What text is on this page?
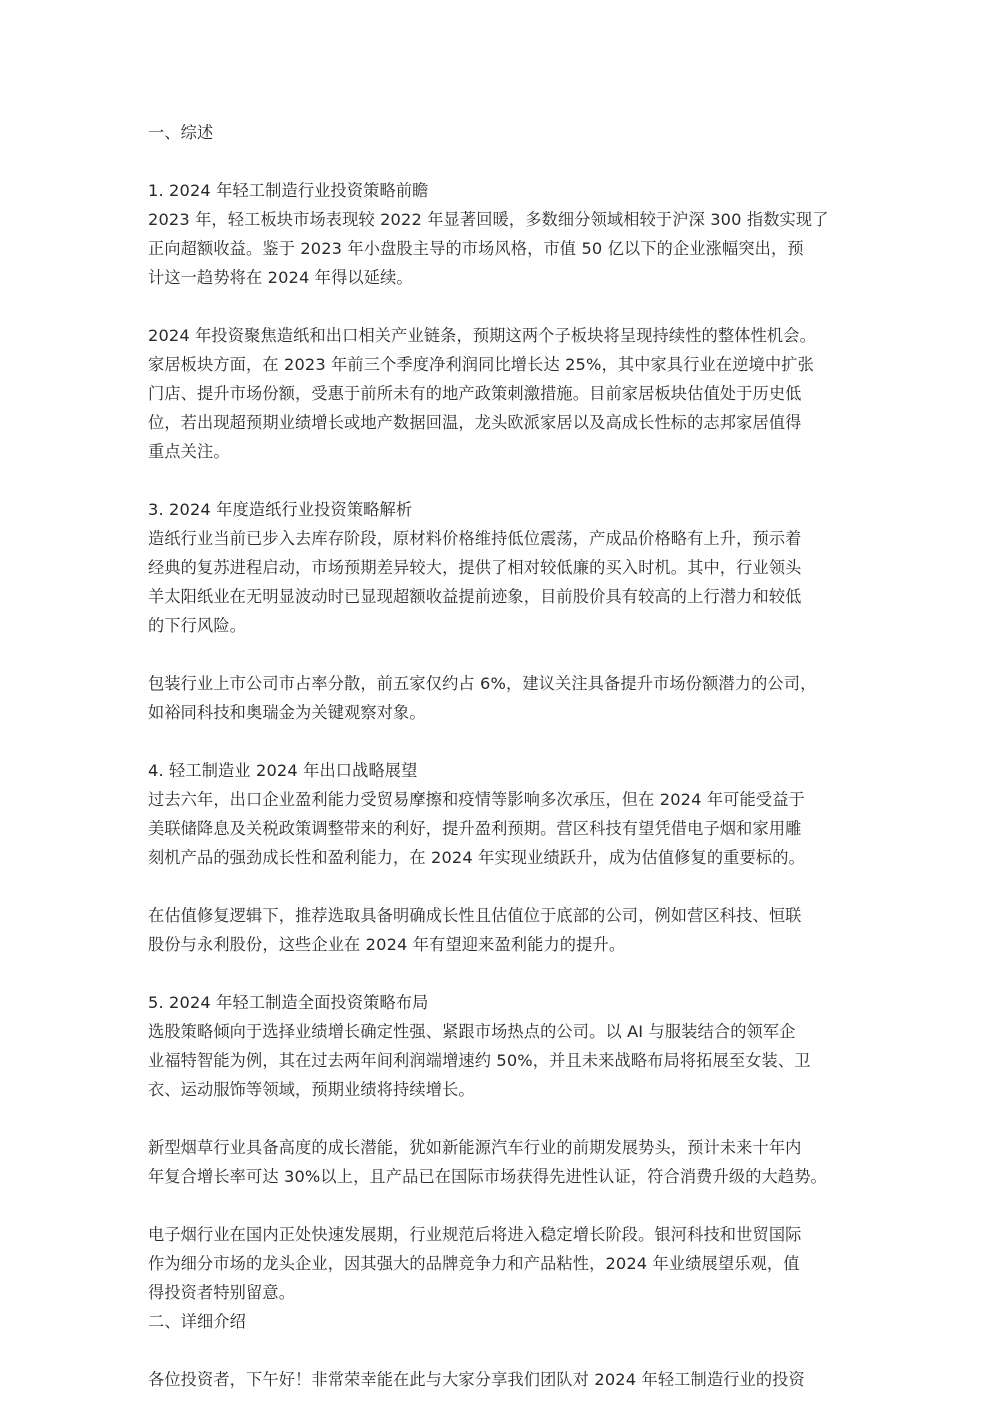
一、综述
1. 2024 年轻工制造行业投资策略前瞻
2023 年，轻工板块市场表现较 2022 年显著回暖，多数细分领域相较于沪深 300 指数实现了
正向超额收益。鉴于 2023 年小盘股主导的市场风格，市值 50 亿以下的企业涨幅突出，预
计这一趋势将在 2024 年得以延续。
2024 年投资聚焦造纸和出口相关产业链条，预期这两个子板块将呈现持续性的整体性机会。
家居板块方面，在 2023 年前三个季度净利润同比增长达 25%，其中家具行业在逆境中扩张
门店、提升市场份额，受惠于前所未有的地产政策刺激措施。目前家居板块估值处于历史低
位，若出现超预期业绩增长或地产数据回温，龙头欧派家居以及高成长性标的志邦家居值得
重点关注。
3. 2024 年度造纸行业投资策略解析
造纸行业当前已步入去库存阶段，原材料价格维持低位震荡，产成品价格略有上升，预示着
经典的复苏进程启动，市场预期差异较大，提供了相对较低廉的买入时机。其中，行业领头
羊太阳纸业在无明显波动时已显现超额收益提前迹象，目前股价具有较高的上行潜力和较低
的下行风险。
包装行业上市公司市占率分散，前五家仅约占 6%，建议关注具备提升市场份额潜力的公司，
如裕同科技和奥瑞金为关键观察对象。
4. 轻工制造业 2024 年出口战略展望
过去六年，出口企业盈利能力受贸易摩擦和疫情等影响多次承压，但在 2024 年可能受益于
美联储降息及关税政策调整带来的利好，提升盈利预期。营区科技有望凭借电子烟和家用雕
刻机产品的强劲成长性和盈利能力，在 2024 年实现业绩跃升，成为估值修复的重要标的。
在估值修复逻辑下，推荐选取具备明确成长性且估值位于底部的公司，例如营区科技、恒联
股份与永利股份，这些企业在 2024 年有望迎来盈利能力的提升。
5. 2024 年轻工制造全面投资策略布局
选股策略倾向于选择业绩增长确定性强、紧跟市场热点的公司。以 AI 与服装结合的领军企
业福特智能为例，其在过去两年间利润端增速约 50%，并且未来战略布局将拓展至女装、卫
衣、运动服饰等领域，预期业绩将持续增长。
新型烟草行业具备高度的成长潜能，犹如新能源汽车行业的前期发展势头，预计未来十年内
年复合增长率可达 30%以上，且产品已在国际市场获得先进性认证，符合消费升级的大趋势。
电子烟行业在国内正处快速发展期，行业规范后将进入稳定增长阶段。银河科技和世贸国际
作为细分市场的龙头企业，因其强大的品牌竞争力和产品粘性，2024 年业绩展望乐观，值
得投资者特别留意。
二、详细介绍
各位投资者，下午好！非常荣幸能在此与大家分享我们团队对 2024 年轻工制造行业的投资
